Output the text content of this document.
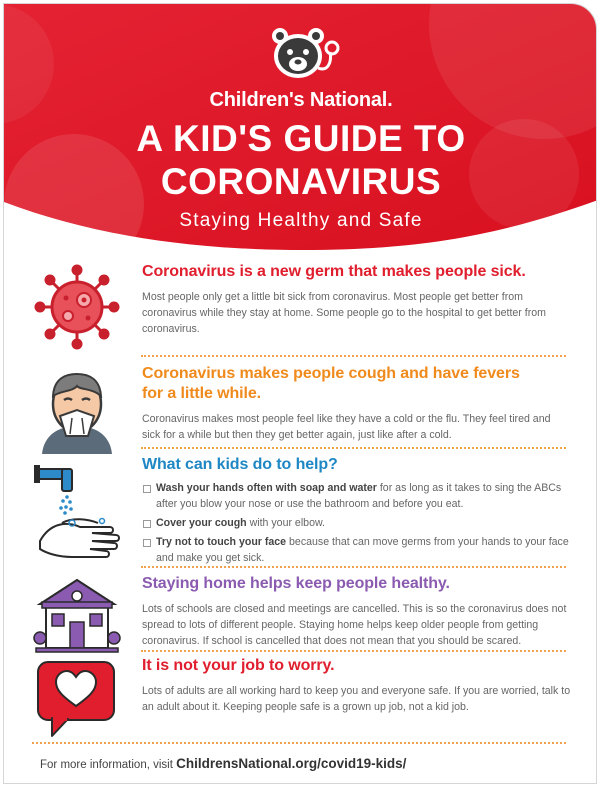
Children's National.
A KID'S GUIDE TO
CORONAVIRUS
Staying Healthy and Safe
Coronavirus is a new germ that makes people sick.
Most people only get a little bit sick from coronavirus. Most people get better from coronavirus while they stay at home. Some people go to the hospital to get better from coronavirus.
Coronavirus makes people cough and have fevers
for a little while.
Coronavirus makes most people feel like they have a cold or the flu. They feel tired and sick for a while but then they get better again, just like after a cold.
What can kids do to help?
Wash your hands often with soap and water for as long as it takes to sing the ABCs after you blow your nose or use the bathroom and before you eat.
Cover your cough with your elbow.
Try not to touch your face because that can move germs from your hands to your face and make you get sick.
Staying home helps keep people healthy.
Lots of schools are closed and meetings are cancelled. This is so the coronavirus does not spread to lots of different people. Staying home helps keep older people from getting coronavirus. If school is cancelled that does not mean that you should be scared.
It is not your job to worry.
Lots of adults are all working hard to keep you and everyone safe. If you are worried, talk to an adult about it. Keeping people safe is a grown up job, not a kid job.
For more information, visit ChildrensNational.org/covid19-kids/
